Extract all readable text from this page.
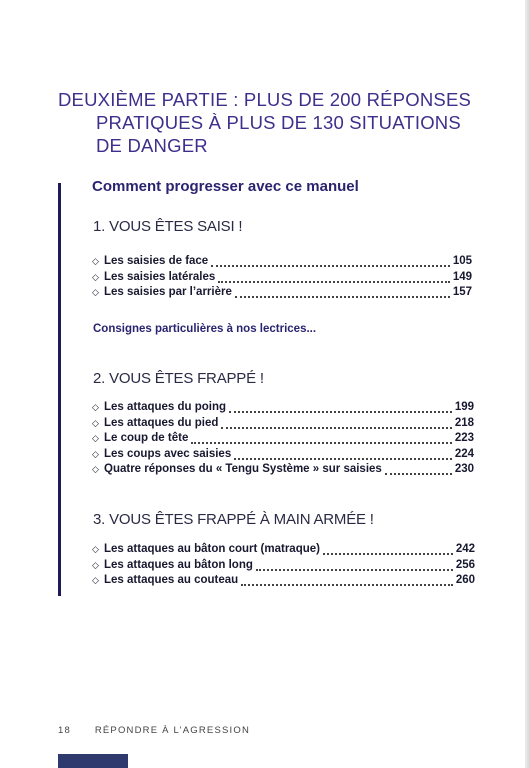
DEUXIÈME PARTIE : PLUS DE 200 RÉPONSES
PRATIQUES À PLUS DE 130 SITUATIONS
DE DANGER
Comment progresser avec ce manuel
1. VOUS ÊTES SAISI !
◇ Les saisies de face	105
◇ Les saisies latérales	149
◇ Les saisies par l’arrière	157
Consignes particulières à nos lectrices...
2. VOUS ÊTES FRAPPÉ !
◇ Les attaques du poing	199
◇ Les attaques du pied	218
◇ Le coup de tête	223
◇ Les coups avec saisies	224
◇ Quatre réponses du « Tengu Système » sur saisies	230
3. VOUS ÊTES FRAPPÉ À MAIN ARMÉE !
◇ Les attaques au bâton court (matraque)	242
◇ Les attaques au bâton long	256
◇ Les attaques au couteau	260
18	RÉPONDRE À L’AGRESSION
